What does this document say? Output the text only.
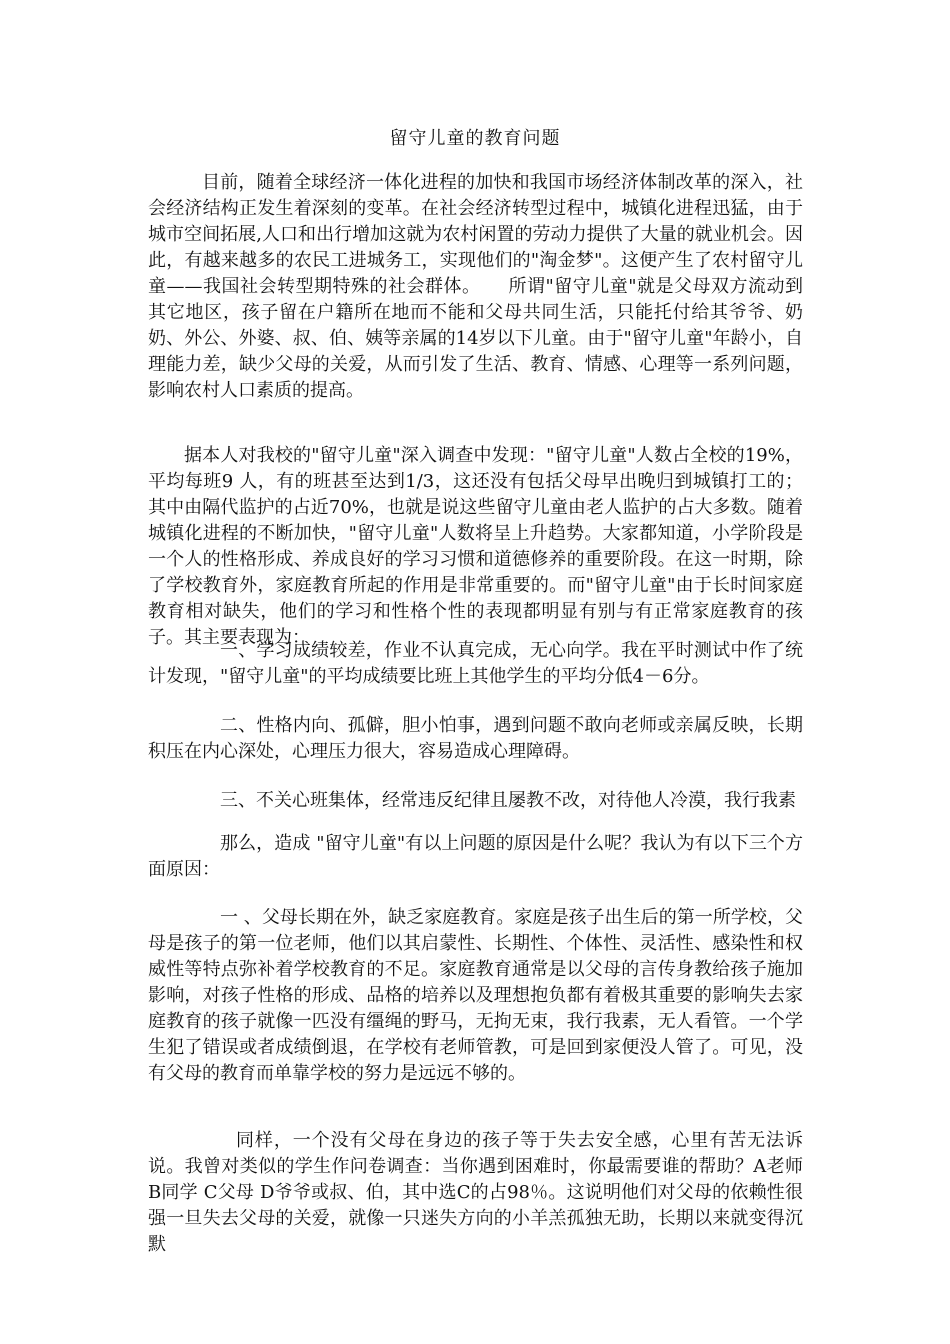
留守儿童的教育问题

目前，随着全球经济一体化进程的加快和我国市场经济体制改革的深入，社会经济结构正发生着深刻的变革。在社会经济转型过程中，城镇化进程迅猛，由于城市空间拓展,人口和出行增加这就为农村闲置的劳动力提供了大量的就业机会。因此，有越来越多的农民工进城务工，实现他们的"淘金梦"。这便产生了农村留守儿童——我国社会转型期特殊的社会群体。　　所谓"留守儿童"就是父母双方流动到其它地区，孩子留在户籍所在地而不能和父母共同生活，只能托付给其爷爷、奶奶、外公、外婆、叔、伯、姨等亲属的14岁以下儿童。由于"留守儿童"年龄小，自理能力差，缺少父母的关爱，从而引发了生活、教育、情感、心理等一系列问题，影响农村人口素质的提高。

据本人对我校的"留守儿童"深入调查中发现："留守儿童"人数占全校的19%，平均每班9 人，有的班甚至达到1/3，这还没有包括父母早出晚归到城镇打工的；其中由隔代监护的占近70%，也就是说这些留守儿童由老人监护的占大多数。随着城镇化进程的不断加快，"留守儿童"人数将呈上升趋势。大家都知道，小学阶段是一个人的性格形成、养成良好的学习习惯和道德修养的重要阶段。在这一时期，除了学校教育外，家庭教育所起的作用是非常重要的。而"留守儿童"由于长时间家庭教育相对缺失，他们的学习和性格个性的表现都明显有别与有正常家庭教育的孩子。其主要表现为：

一、学习成绩较差，作业不认真完成，无心向学。我在平时测试中作了统计发现，"留守儿童"的平均成绩要比班上其他学生的平均分低4－6分。

二、性格内向、孤僻，胆小怕事，遇到问题不敢向老师或亲属反映，长期积压在内心深处，心理压力很大，容易造成心理障碍。

三、不关心班集体，经常违反纪律且屡教不改，对待他人冷漠，我行我素

那么，造成 "留守儿童"有以上问题的原因是什么呢？我认为有以下三个方面原因：

一 、父母长期在外，缺乏家庭教育。家庭是孩子出生后的第一所学校，父母是孩子的第一位老师，他们以其启蒙性、长期性、个体性、灵活性、感染性和权威性等特点弥补着学校教育的不足。家庭教育通常是以父母的言传身教给孩子施加影响，对孩子性格的形成、品格的培养以及理想抱负都有着极其重要的影响失去家庭教育的孩子就像一匹没有缰绳的野马，无拘无束，我行我素，无人看管。一个学生犯了错误或者成绩倒退，在学校有老师管教，可是回到家便没人管了。可见，没有父母的教育而单靠学校的努力是远远不够的。

同样，一个没有父母在身边的孩子等于失去安全感，心里有苦无法诉说。我曾对类似的学生作问卷调查：当你遇到困难时，你最需要谁的帮助？A老师 B同学 C父母 D爷爷或叔、伯，其中选C的占98％。这说明他们对父母的依赖性很强一旦失去父母的关爱，就像一只迷失方向的小羊羔孤独无助，长期以来就变得沉默
